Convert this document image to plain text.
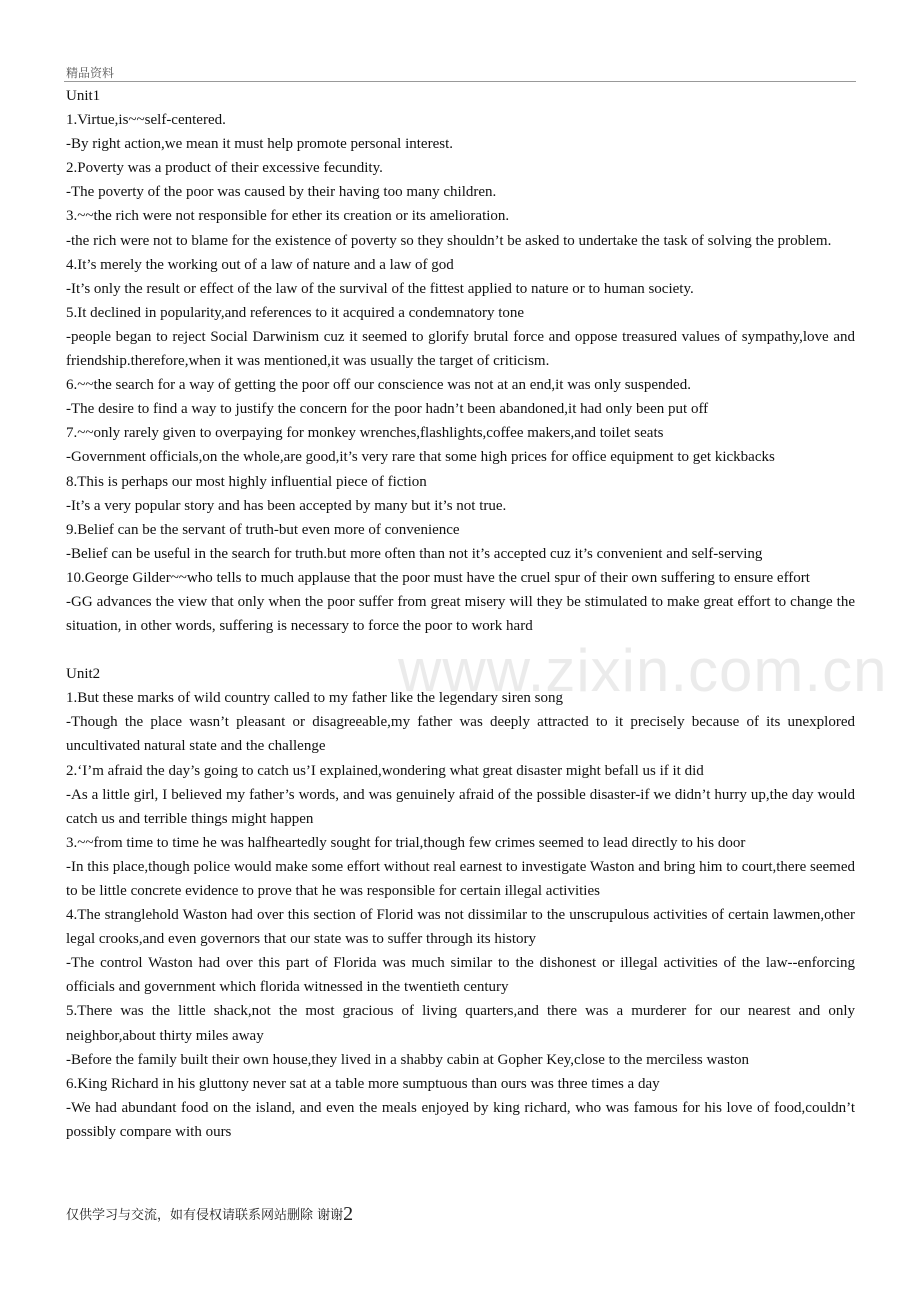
精品资料
www.zixin.com.cn

Unit1

1.Virtue,is~~self-centered.

-By right action,we mean it must help promote personal interest.

2.Poverty was a product of their excessive fecundity.

-The poverty of the poor was caused by their having too many children.

3.~~the rich were not responsible for ether its creation or its amelioration.

-the rich were not to blame for the existence of poverty so they shouldn’t be asked to undertake the task of solving the problem.

4.It’s merely the working out of a law of nature and a law of god

-It’s only the result or effect of the law of the survival of the fittest applied to nature or to human society.

5.It declined in popularity,and references to it acquired a condemnatory tone

-people began to reject Social Darwinism cuz it seemed to glorify brutal force and oppose treasured values of sympathy,love and friendship.therefore,when it was mentioned,it was usually the target of criticism.

6.~~the search for a way of getting the poor off our conscience was not at an end,it was only suspended.

-The desire to find a way to justify the concern for the poor hadn’t been abandoned,it had only been put off

7.~~only rarely given to overpaying for monkey wrenches,flashlights,coffee makers,and toilet seats

-Government officials,on the whole,are good,it’s very rare that some high prices for office equipment to get kickbacks

8.This is perhaps our most highly influential piece of fiction

-It’s a very popular story and has been accepted by many but it’s not true.

9.Belief can be the servant of truth-but even more of convenience

-Belief can be useful in the search for truth.but more often than not it’s accepted cuz it’s convenient and self-serving

10.George Gilder~~who tells to much applause that the poor must have the cruel spur of their own suffering to ensure effort

-GG advances the view that only when the poor suffer from great misery will they be stimulated to make great effort to change the situation, in other words, suffering is necessary to force the poor to work hard

Unit2

1.But these marks of wild country called to my father like the legendary siren song

-Though the place wasn’t pleasant or disagreeable,my father was deeply attracted to it precisely because of its unexplored uncultivated natural state and the challenge

2.‘I’m afraid the day’s going to catch us’I explained,wondering what great disaster might befall us if it did

-As a little girl, I believed my father’s words, and was genuinely afraid of the possible disaster-if we didn’t hurry up,the day would catch us and terrible things might happen

3.~~from time to time he was halfheartedly sought for trial,though few crimes seemed to lead directly to his door

-In this place,though police would make some effort without real earnest to investigate Waston and bring him to court,there seemed to be little concrete evidence to prove that he was responsible for certain illegal activities

4.The stranglehold Waston had over this section of Florid was not dissimilar to the unscrupulous activities of certain lawmen,other legal crooks,and even governors that our state was to suffer through its history

-The control Waston had over this part of Florida was much similar to the dishonest or illegal activities of the law--enforcing officials and government which florida witnessed in the twentieth century

5.There was the little shack,not the most gracious of living quarters,and there was a murderer for our nearest and only neighbor,about thirty miles away

-Before the family built their own house,they lived in a shabby cabin at Gopher Key,close to the merciless waston

6.King Richard in his gluttony never sat at a table more sumptuous than ours was three times a day

-We had abundant food on the island, and even the meals enjoyed by king richard, who was famous for his love of food,couldn’t possibly compare with ours

仅供学习与交流，如有侵权请联系网站删除 谢谢2
